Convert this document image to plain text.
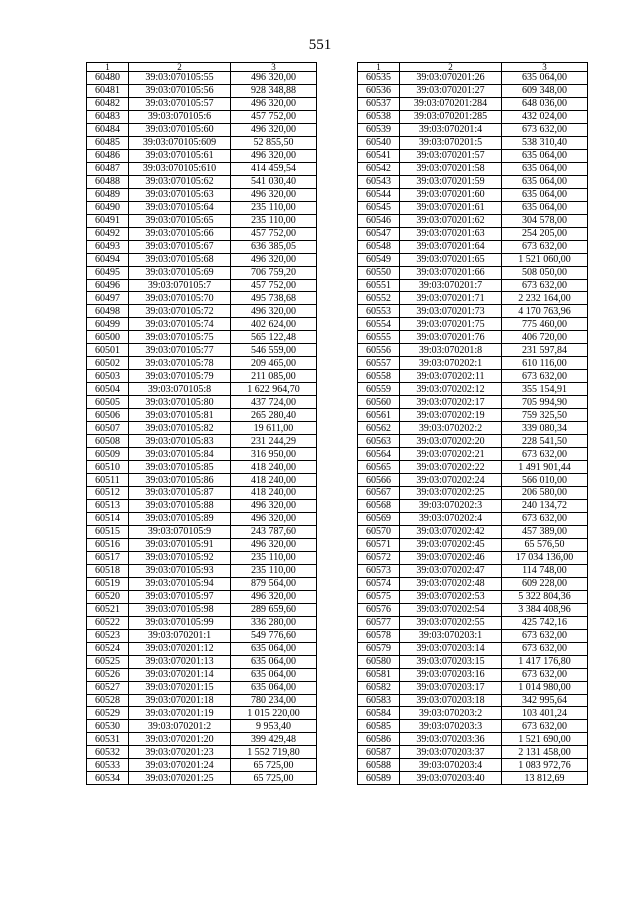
551
1	2	3
60480	39:03:070105:55	496 320,00
60481	39:03:070105:56	928 348,88
60482	39:03:070105:57	496 320,00
60483	39:03:070105:6	457 752,00
60484	39:03:070105:60	496 320,00
60485	39:03:070105:609	52 855,50
60486	39:03:070105:61	496 320,00
60487	39:03:070105:610	414 459,54
60488	39:03:070105:62	541 030,40
60489	39:03:070105:63	496 320,00
60490	39:03:070105:64	235 110,00
60491	39:03:070105:65	235 110,00
60492	39:03:070105:66	457 752,00
60493	39:03:070105:67	636 385,05
60494	39:03:070105:68	496 320,00
60495	39:03:070105:69	706 759,20
60496	39:03:070105:7	457 752,00
60497	39:03:070105:70	495 738,68
60498	39:03:070105:72	496 320,00
60499	39:03:070105:74	402 624,00
60500	39:03:070105:75	565 122,48
60501	39:03:070105:77	546 559,00
60502	39:03:070105:78	209 465,00
60503	39:03:070105:79	211 085,00
60504	39:03:070105:8	1 622 964,70
60505	39:03:070105:80	437 724,00
60506	39:03:070105:81	265 280,40
60507	39:03:070105:82	19 611,00
60508	39:03:070105:83	231 244,29
60509	39:03:070105:84	316 950,00
60510	39:03:070105:85	418 240,00
60511	39:03:070105:86	418 240,00
60512	39:03:070105:87	418 240,00
60513	39:03:070105:88	496 320,00
60514	39:03:070105:89	496 320,00
60515	39:03:070105:9	243 787,60
60516	39:03:070105:91	496 320,00
60517	39:03:070105:92	235 110,00
60518	39:03:070105:93	235 110,00
60519	39:03:070105:94	879 564,00
60520	39:03:070105:97	496 320,00
60521	39:03:070105:98	289 659,60
60522	39:03:070105:99	336 280,00
60523	39:03:070201:1	549 776,60
60524	39:03:070201:12	635 064,00
60525	39:03:070201:13	635 064,00
60526	39:03:070201:14	635 064,00
60527	39:03:070201:15	635 064,00
60528	39:03:070201:18	780 234,00
60529	39:03:070201:19	1 015 220,00
60530	39:03:070201:2	9 953,40
60531	39:03:070201:20	399 429,48
60532	39:03:070201:23	1 552 719,80
60533	39:03:070201:24	65 725,00
60534	39:03:070201:25	65 725,00
1	2	3
60535	39:03:070201:26	635 064,00
60536	39:03:070201:27	609 348,00
60537	39:03:070201:284	648 036,00
60538	39:03:070201:285	432 024,00
60539	39:03:070201:4	673 632,00
60540	39:03:070201:5	538 310,40
60541	39:03:070201:57	635 064,00
60542	39:03:070201:58	635 064,00
60543	39:03:070201:59	635 064,00
60544	39:03:070201:60	635 064,00
60545	39:03:070201:61	635 064,00
60546	39:03:070201:62	304 578,00
60547	39:03:070201:63	254 205,00
60548	39:03:070201:64	673 632,00
60549	39:03:070201:65	1 521 060,00
60550	39:03:070201:66	508 050,00
60551	39:03:070201:7	673 632,00
60552	39:03:070201:71	2 232 164,00
60553	39:03:070201:73	4 170 763,96
60554	39:03:070201:75	775 460,00
60555	39:03:070201:76	406 720,00
60556	39:03:070201:8	231 597,84
60557	39:03:070202:1	610 116,00
60558	39:03:070202:11	673 632,00
60559	39:03:070202:12	355 154,91
60560	39:03:070202:17	705 994,90
60561	39:03:070202:19	759 325,50
60562	39:03:070202:2	339 080,34
60563	39:03:070202:20	228 541,50
60564	39:03:070202:21	673 632,00
60565	39:03:070202:22	1 491 901,44
60566	39:03:070202:24	566 010,00
60567	39:03:070202:25	206 580,00
60568	39:03:070202:3	240 134,72
60569	39:03:070202:4	673 632,00
60570	39:03:070202:42	457 389,00
60571	39:03:070202:45	65 576,50
60572	39:03:070202:46	17 034 136,00
60573	39:03:070202:47	114 748,00
60574	39:03:070202:48	609 228,00
60575	39:03:070202:53	5 322 804,36
60576	39:03:070202:54	3 384 408,96
60577	39:03:070202:55	425 742,16
60578	39:03:070203:1	673 632,00
60579	39:03:070203:14	673 632,00
60580	39:03:070203:15	1 417 176,80
60581	39:03:070203:16	673 632,00
60582	39:03:070203:17	1 014 980,00
60583	39:03:070203:18	342 995,64
60584	39:03:070203:2	103 401,24
60585	39:03:070203:3	673 632,00
60586	39:03:070203:36	1 521 690,00
60587	39:03:070203:37	2 131 458,00
60588	39:03:070203:4	1 083 972,76
60589	39:03:070203:40	13 812,69
